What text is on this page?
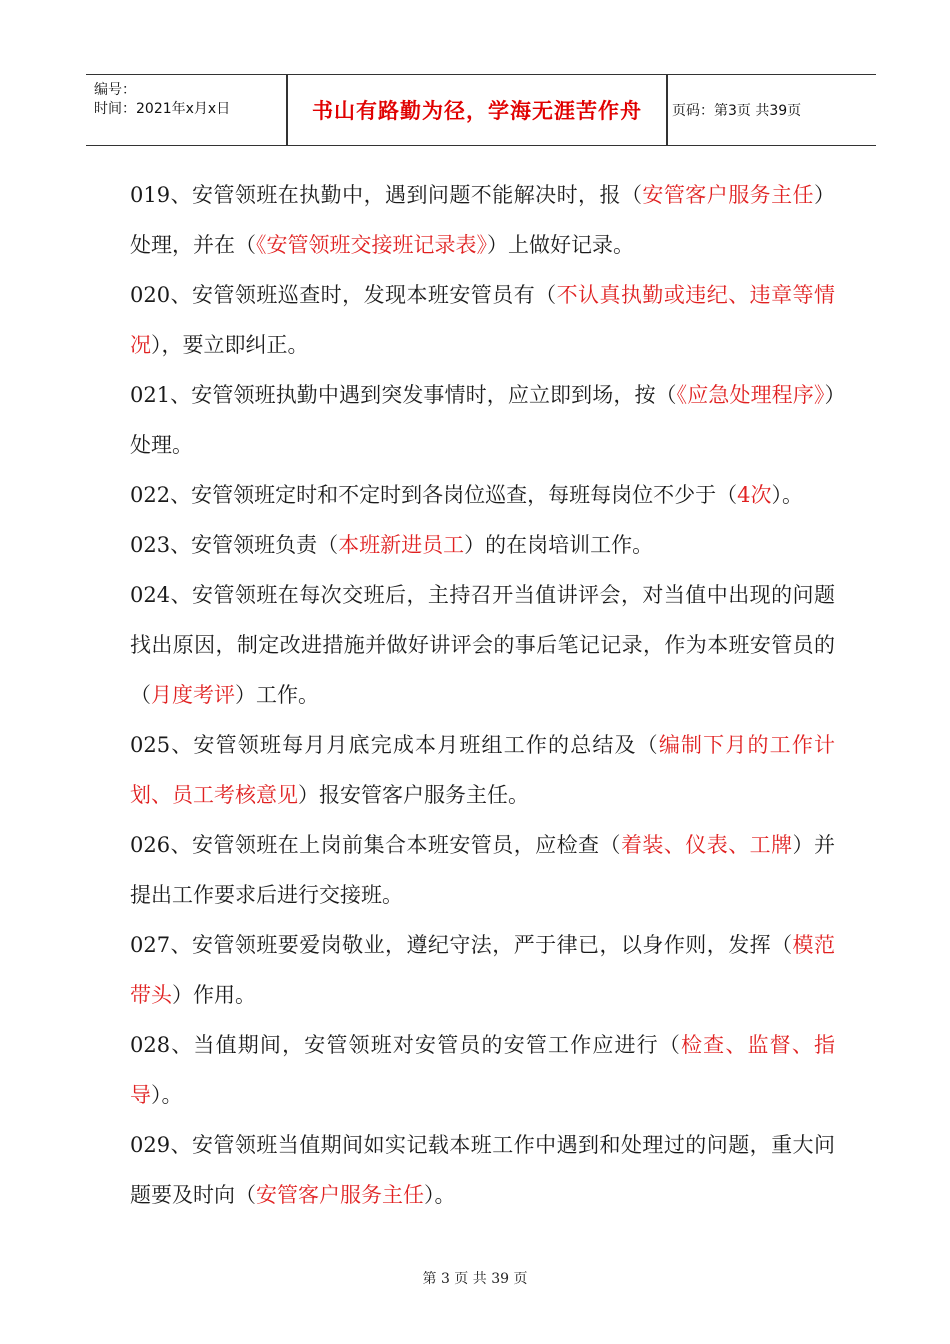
编号：
时间：2021年x月x日	书山有路勤为径，学海无涯苦作舟	页码：第3页 共39页

019、安管领班在执勤中，遇到问题不能解决时，报（安管客户服务主任）处理，并在（《安管领班交接班记录表》）上做好记录。

020、安管领班巡查时，发现本班安管员有（不认真执勤或违纪、违章等情况），要立即纠正。

021、安管领班执勤中遇到突发事情时，应立即到场，按（《应急处理程序》）处理。

022、安管领班定时和不定时到各岗位巡查，每班每岗位不少于（4次）。

023、安管领班负责（本班新进员工）的在岗培训工作。

024、安管领班在每次交班后，主持召开当值讲评会，对当值中出现的问题找出原因，制定改进措施并做好讲评会的事后笔记记录，作为本班安管员的（月度考评）工作。

025、安管领班每月月底完成本月班组工作的总结及（编制下月的工作计划、员工考核意见）报安管客户服务主任。

026、安管领班在上岗前集合本班安管员，应检查（着装、仪表、工牌）并提出工作要求后进行交接班。

027、安管领班要爱岗敬业，遵纪守法，严于律已，以身作则，发挥（模范带头）作用。

028、当值期间，安管领班对安管员的安管工作应进行（检查、监督、指导）。

029、安管领班当值期间如实记载本班工作中遇到和处理过的问题，重大问题要及时向（安管客户服务主任）。

第 3 页 共 39 页
